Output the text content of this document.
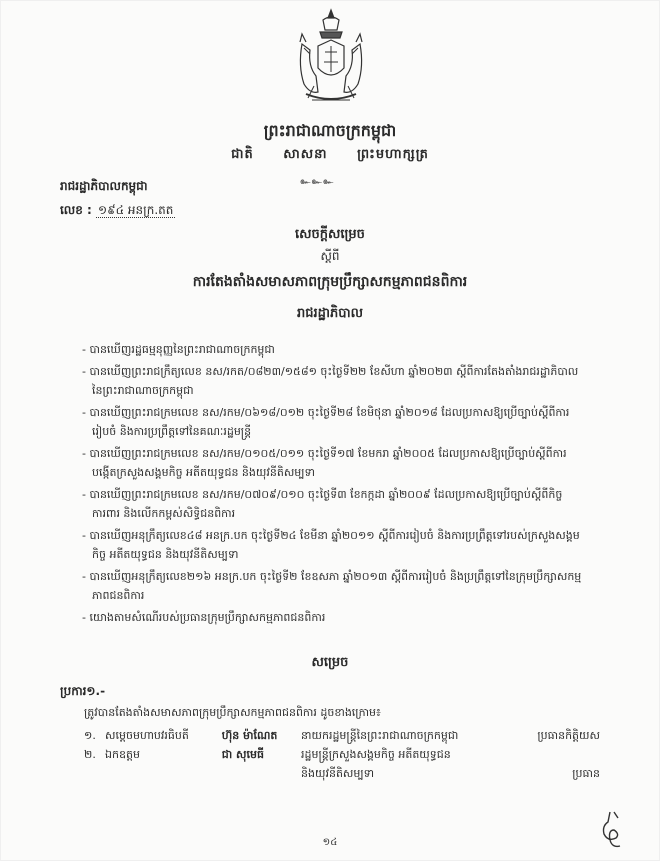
ព្រះរាជាណាចក្រកម្ពុជា
ជាតិ សាសនា ព្រះមហាក្សត្រ
๛๛๛
រាជរដ្ឋាភិបាលកម្ពុជា
លេខ : ១៩៤ អនក្រ.តត
សេចក្តីសម្រេច
ស្តីពី
ការតែងតាំងសមាសភាពក្រុមប្រឹក្សាសកម្មភាពជនពិការ
រាជរដ្ឋាភិបាល
- បានឃើញរដ្ឋធម្មនុញ្ញនៃព្រះរាជាណាចក្រកម្ពុជា
- បានឃើញព្រះរាជក្រឹត្យលេខ នស/រកត/០៨២៣/១៥៨១ ចុះថ្ងៃទី២២ ខែសីហា ឆ្នាំ២០២៣ ស្តីពីការតែងតាំងរាជរដ្ឋាភិបាលនៃព្រះរាជាណាចក្រកម្ពុជា
- បានឃើញព្រះរាជក្រមលេខ នស/រកម/០៦១៨/០១២ ចុះថ្ងៃទី២៨ ខែមិថុនា ឆ្នាំ២០១៨ ដែលប្រកាសឱ្យប្រើច្បាប់ស្តីពីការរៀបចំ និងការប្រព្រឹត្តទៅនៃគណៈរដ្ឋមន្ត្រី
- បានឃើញព្រះរាជក្រមលេខ នស/រកម/០១០៥/០១១ ចុះថ្ងៃទី១៧ ខែមករា ឆ្នាំ២០០៥ ដែលប្រកាសឱ្យប្រើច្បាប់ស្តីពីការបង្កើតក្រសួងសង្គមកិច្ច អតីតយុទ្ធជន និងយុវនីតិសម្បទា
- បានឃើញព្រះរាជក្រមលេខ នស/រកម/០៧០៩/០១០ ចុះថ្ងៃទី៣ ខែកក្កដា ឆ្នាំ២០០៩ ដែលប្រកាសឱ្យប្រើច្បាប់ស្តីពីកិច្ចការពារ និងលើកកម្ពស់សិទ្ធិជនពិការ
- បានឃើញអនុក្រឹត្យលេខ៤៨ អនក្រ.បក ចុះថ្ងៃទី២៤ ខែមីនា ឆ្នាំ២០១១ ស្តីពីការរៀបចំ និងការប្រព្រឹត្តទៅរបស់ក្រសួងសង្គមកិច្ច អតីតយុទ្ធជន និងយុវនីតិសម្បទា
- បានឃើញអនុក្រឹត្យលេខ២១៦ អនក្រ.បក ចុះថ្ងៃទី២ ខែឧសភា ឆ្នាំ២០១៣ ស្តីពីការរៀបចំ និងប្រព្រឹត្តទៅនៃក្រុមប្រឹក្សាសកម្មភាពជនពិការ
- យោងតាមសំណើរបស់ប្រធានក្រុមប្រឹក្សាសកម្មភាពជនពិការ
សម្រេច
ប្រការ១.-
ត្រូវបានតែងតាំងសមាសភាពក្រុមប្រឹក្សាសកម្មភាពជនពិការ ដូចខាងក្រោម៖
១.	សម្តេចមហាបវរធិបតី	ហ៊ុន ម៉ាណែត	នាយករដ្ឋមន្ត្រីនៃព្រះរាជាណាចក្រកម្ពុជា	ប្រធានកិត្តិយស
២.	ឯកឧត្តម	ជា សុមេធី	រដ្ឋមន្ត្រីក្រសួងសង្គមកិច្ច អតីតយុទ្ធជន	
			និងយុវនីតិសម្បទា	ប្រធាន
១៤
